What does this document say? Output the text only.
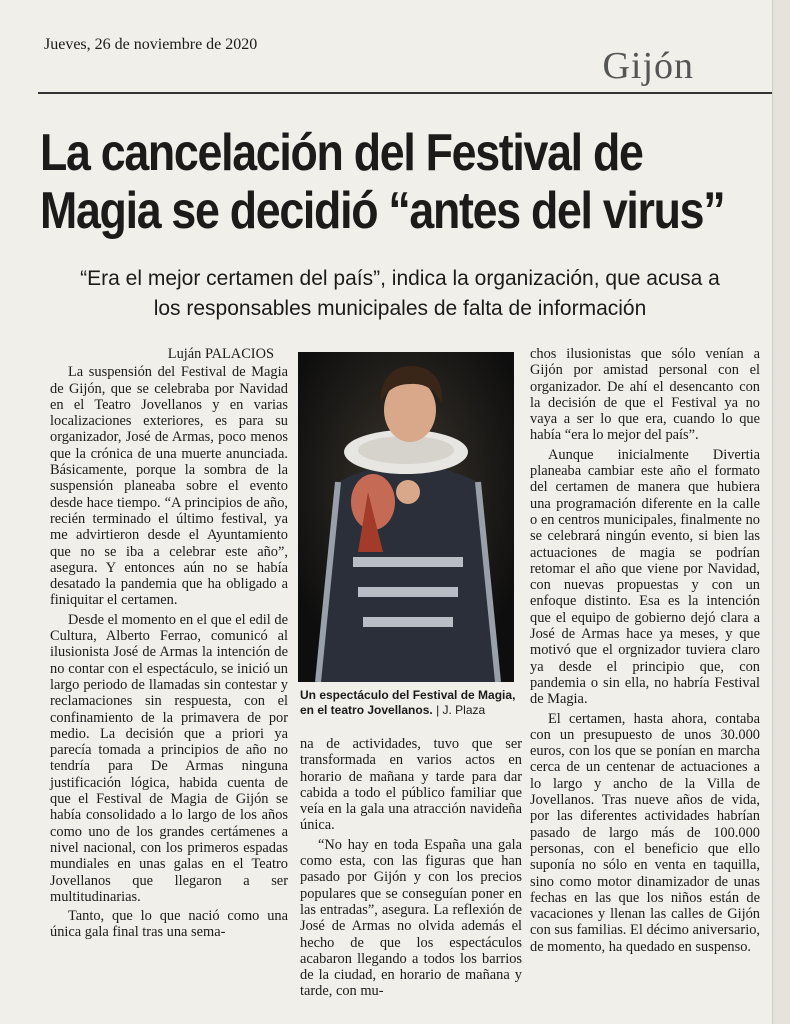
Jueves, 26 de noviembre de 2020
Gijón
La cancelación del Festival de
Magia se decidió “antes del virus”
“Era el mejor certamen del país”, indica la organización, que acusa a los responsables municipales de falta de información
Luján PALACIOS

La suspensión del Festival de Magia de Gijón, que se celebraba por Navidad en el Teatro Jovellanos y en varias localizaciones exteriores, es para su organizador, José de Armas, poco menos que la crónica de una muerte anunciada. Básicamente, porque la sombra de la suspensión planeaba sobre el evento desde hace tiempo. “A principios de año, recién terminado el último festival, ya me advirtieron desde el Ayuntamiento que no se iba a celebrar este año”, asegura. Y entonces aún no se había desatado la pandemia que ha obligado a finiquitar el certamen.

Desde el momento en el que el edil de Cultura, Alberto Ferrao, comunicó al ilusionista José de Armas la intención de no contar con el espectáculo, se inició un largo periodo de llamadas sin contestar y reclamaciones sin respuesta, con el confinamiento de la primavera de por medio. La decisión que a priori ya parecía tomada a principios de año no tendría para De Armas ninguna justificación lógica, habida cuenta de que el Festival de Magia de Gijón se había consolidado a lo largo de los años como uno de los grandes certámenes a nivel nacional, con los primeros espadas mundiales en unas galas en el Teatro Jovellanos que llegaron a ser multitudinarias.

Tanto, que lo que nació como una única gala final tras una sema-

Un espectáculo del Festival de Magia, en el teatro Jovellanos. | J. Plaza

na de actividades, tuvo que ser transformada en varios actos en horario de mañana y tarde para dar cabida a todo el público familiar que veía en la gala una atracción navideña única.

“No hay en toda España una gala como esta, con las figuras que han pasado por Gijón y con los precios populares que se conseguían poner en las entradas”, asegura. La reflexión de José de Armas no olvida además el hecho de que los espectáculos acabaron llegando a todos los barrios de la ciudad, en horario de mañana y tarde, con mu-

chos ilusionistas que sólo venían a Gijón por amistad personal con el organizador. De ahí el desencanto con la decisión de que el Festival ya no vaya a ser lo que era, cuando lo que había “era lo mejor del país”.

Aunque inicialmente Divertia planeaba cambiar este año el formato del certamen de manera que hubiera una programación diferente en la calle o en centros municipales, finalmente no se celebrará ningún evento, si bien las actuaciones de magia se podrían retomar el año que viene por Navidad, con nuevas propuestas y con un enfoque distinto. Esa es la intención que el equipo de gobierno dejó clara a José de Armas hace ya meses, y que motivó que el orgnizador tuviera claro ya desde el principio que, con pandemia o sin ella, no habría Festival de Magia.

El certamen, hasta ahora, contaba con un presupuesto de unos 30.000 euros, con los que se ponían en marcha cerca de un centenar de actuaciones a lo largo y ancho de la Villa de Jovellanos. Tras nueve años de vida, por las diferentes actividades habrían pasado de largo más de 100.000 personas, con el beneficio que ello suponía no sólo en venta en taquilla, sino como motor dinamizador de unas fechas en las que los niños están de vacaciones y llenan las calles de Gijón con sus familias. El décimo aniversario, de momento, ha quedado en suspenso.
